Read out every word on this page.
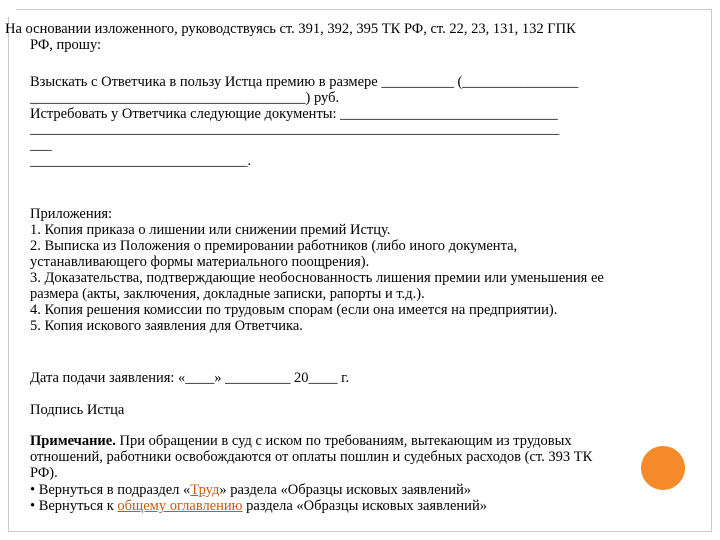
На основании изложенного, руководствуясь ст. 391, 392, 395 ТК РФ, ст. 22, 23, 131, 132 ГПК
РФ, прошу:
Взыскать с Ответчика в пользу Истца премию в размере __________ (________________
______________________________________) руб.
Истребовать у Ответчика следующие документы: ______________________________
_________________________________________________________________________
___
______________________________.
Приложения:
1. Копия приказа о лишении или снижении премий Истцу.
2. Выписка из Положения о премировании работников (либо иного документа,
устанавливающего формы материального поощрения).
3. Доказательства, подтверждающие необоснованность лишения премии или уменьшения ее
размера (акты, заключения, докладные записки, рапорты и т.д.).
4. Копия решения комиссии по трудовым спорам (если она имеется на предприятии).
5. Копия искового заявления для Ответчика.
Дата подачи заявления: «____» _________ 20____ г.
Подпись Истца
Примечание. При обращении в суд с иском по требованиям, вытекающим из трудовых
отношений, работники освобождаются от оплаты пошлин и судебных расходов (ст. 393 ТК
РФ).
• Вернуться в подраздел «Труд» раздела «Образцы исковых заявлений»
• Вернуться к общему оглавлению раздела «Образцы исковых заявлений»
